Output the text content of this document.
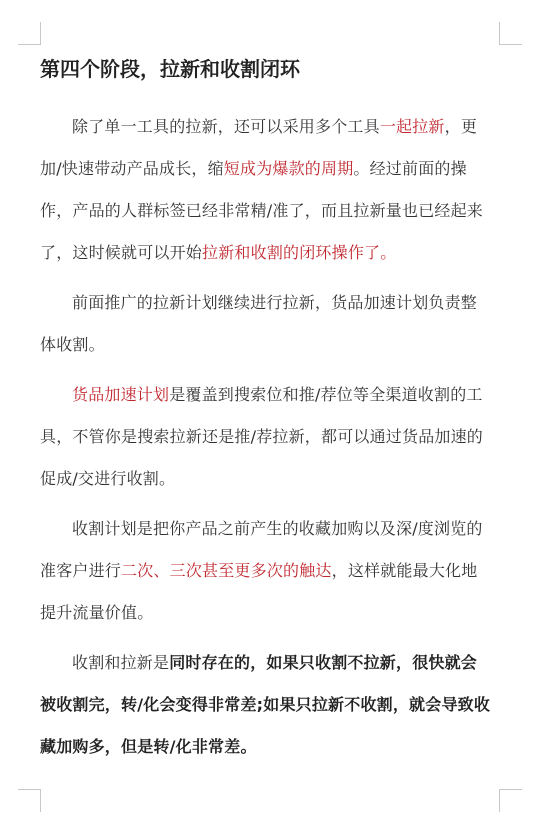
第四个阶段，拉新和收割闭环

除了单一工具的拉新，还可以采用多个工具一起拉新，更加/快速带动产品成长，缩短成为爆款的周期。经过前面的操作，产品的人群标签已经非常精/准了，而且拉新量也已经起来了，这时候就可以开始拉新和收割的闭环操作了。

前面推广的拉新计划继续进行拉新，货品加速计划负责整体收割。

货品加速计划是覆盖到搜索位和推/荐位等全渠道收割的工具，不管你是搜索拉新还是推/荐拉新，都可以通过货品加速的促成/交进行收割。

收割计划是把你产品之前产生的收藏加购以及深/度浏览的准客户进行二次、三次甚至更多次的触达，这样就能最大化地提升流量价值。

收割和拉新是同时存在的，如果只收割不拉新，很快就会被收割完，转/化会变得非常差;如果只拉新不收割，就会导致收藏加购多，但是转/化非常差。
